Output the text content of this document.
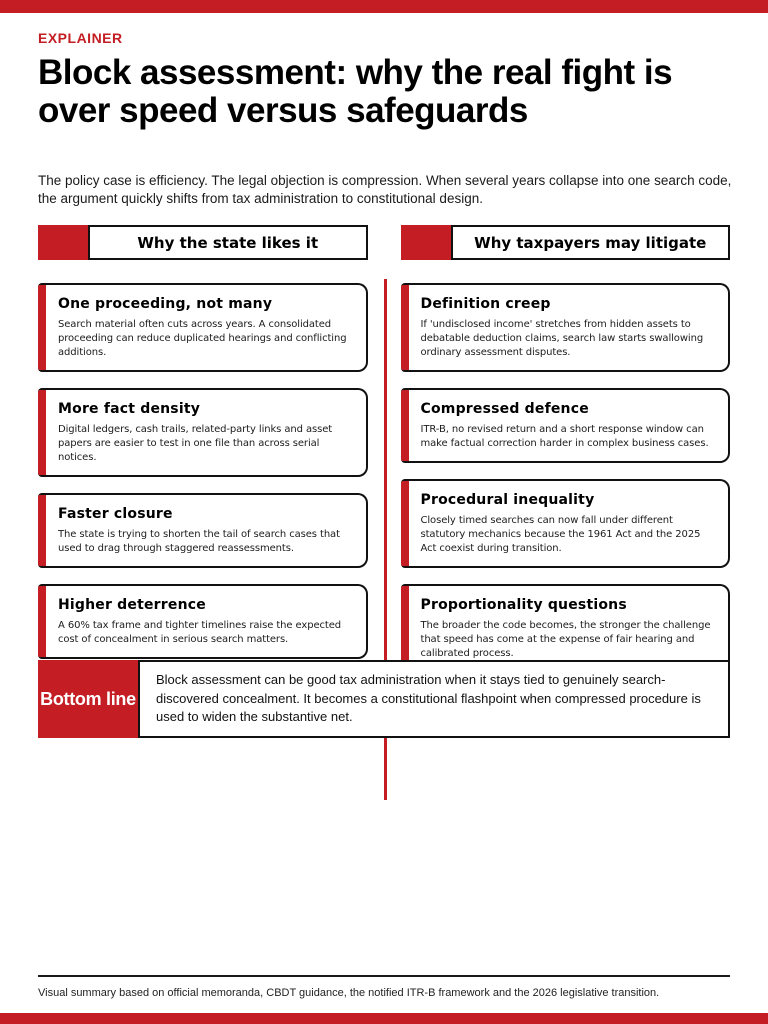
EXPLAINER
Block assessment: why the real fight is over speed versus safeguards

The policy case is efficiency. The legal objection is compression. When several years collapse into one search code, the argument quickly shifts from tax administration to constitutional design.

Why the state likes it
One proceeding, not many

Search material often cuts across years. A consolidated proceeding can reduce duplicated hearings and conflicting additions.

More fact density

Digital ledgers, cash trails, related-party links and asset papers are easier to test in one file than across serial notices.

Faster closure

The state is trying to shorten the tail of search cases that used to drag through staggered reassessments.

Higher deterrence

A 60% tax frame and tighter timelines raise the expected cost of concealment in serious search matters.

Why taxpayers may litigate
Definition creep

If 'undisclosed income' stretches from hidden assets to debatable deduction claims, search law starts swallowing ordinary assessment disputes.

Compressed defence

ITR-B, no revised return and a short response window can make factual correction harder in complex business cases.

Procedural inequality

Closely timed searches can now fall under different statutory mechanics because the 1961 Act and the 2025 Act coexist during transition.

Proportionality questions

The broader the code becomes, the stronger the challenge that speed has come at the expense of fair hearing and calibrated process.

Bottom line
Block assessment can be good tax administration when it stays tied to genuinely search-discovered concealment. It becomes a constitutional flashpoint when compressed procedure is used to widen the substantive net.

Visual summary based on official memoranda, CBDT guidance, the notified ITR-B framework and the 2026 legislative transition.
